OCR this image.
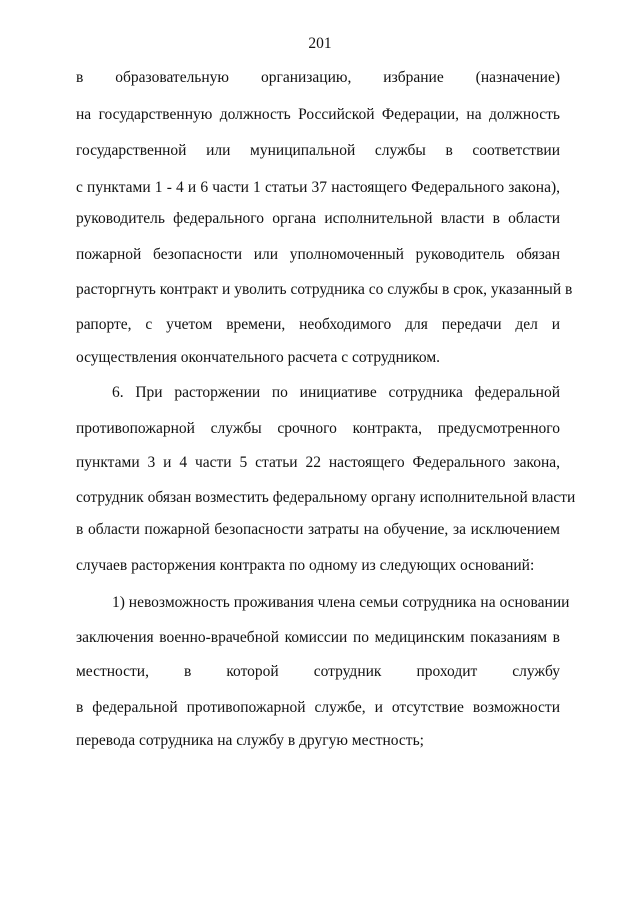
201
в образовательную организацию, избрание (назначение)
на государственную должность Российской Федерации, на должность
государственной или муниципальной службы в соответствии
с пунктами 1 - 4 и 6 части 1 статьи 37 настоящего Федерального закона),
руководитель федерального органа исполнительной власти в области
пожарной безопасности или уполномоченный руководитель обязан
расторгнуть контракт и уволить сотрудника со службы в срок, указанный в
рапорте, с учетом времени, необходимого для передачи дел и
осуществления окончательного расчета с сотрудником.
6. При расторжении по инициативе сотрудника федеральной
противопожарной службы срочного контракта, предусмотренного
пунктами 3 и 4 части 5 статьи 22 настоящего Федерального закона,
сотрудник обязан возместить федеральному органу исполнительной власти
в области пожарной безопасности затраты на обучение, за исключением
случаев расторжения контракта по одному из следующих оснований:
1) невозможность проживания члена семьи сотрудника на основании
заключения военно-врачебной комиссии по медицинским показаниям в
местности, в которой сотрудник проходит службу
в федеральной противопожарной службе, и отсутствие возможности
перевода сотрудника на службу в другую местность;
